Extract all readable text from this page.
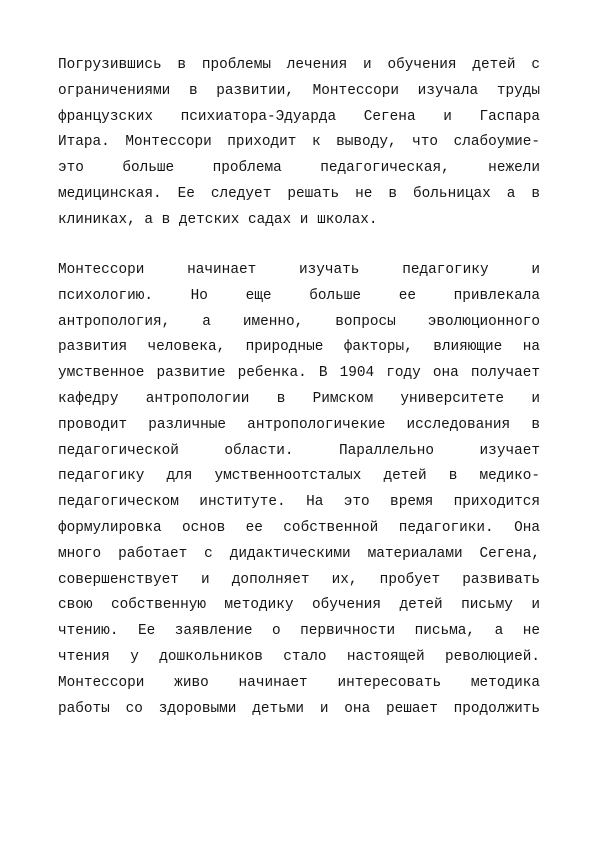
Погрузившись в проблемы лечения и обучения детей с
ограничениями в развитии, Монтессори изучала труды
французских психиатора-Эдуарда Сегена и Гаспара
Итара. Монтессори приходит к выводу, что слабоумие-
это больше проблема педагогическая, нежели
медицинская. Ее следует решать не в больницах а в
клиниках, а в детских садах и школах.
Монтессори начинает изучать педагогику и
психологию. Но еще больше ее привлекала
антропология, а именно, вопросы эволюционного
развития человека, природные факторы, влияющие на
умственное развитие ребенка. В 1904 году она получает
кафедру антропологии в Римском университете и
проводит различные антропологичекие исследования в
педагогической области. Параллельно изучает
педагогику для умственноотсталых детей в медико-
педагогическом институте. На это время приходится
формулировка основ ее собственной педагогики. Она
много работает с дидактическими материалами Сегена,
совершенствует и дополняет их, пробует развивать
свою собственную методику обучения детей письму и
чтению. Ее заявление о первичности письма, а не
чтения у дошкольников стало настоящей революцией.
Монтессори живо начинает интересовать методика
работы со здоровыми детьми и она решает продолжить
